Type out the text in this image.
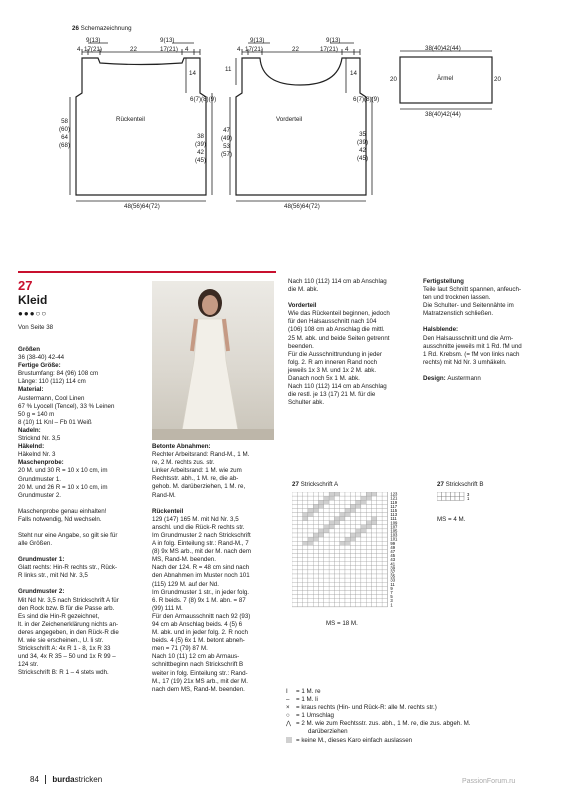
26 Schemazeichnung
9(13)	9(13)
4 17(21)	22	17(21) 4
14
6(7)(8)(9)
58
(60)
64
(68)
38
(39)
42
(45)
Rückenteil
48(56)64(72)
9(13)	9(13)
4 17(21)	22	17(21) 4
11
14
6(7)(8)(9)
47
(49)
53
(57)
35
(39)
42
(45)
Vorderteil
48(56)64(72)
38(40)42(44)
20	20
Ärmel
38(40)42(44)
27
Kleid
●●●○○
Von Seite 38

Größen

36 (38-40) 42-44

Fertige Größe:

Brustumfang: 84 (96) 108 cm

Länge: 110 (112) 114 cm

Material:

Austermann, Cool Linen

67 % Lyocell (Tencel), 33 % Leinen

50 g = 140 m

8 (10) 11 Knl – Fb 01 Weiß

Nadeln:

Stricknd Nr. 3,5

Häkelnd:

Häkelnd Nr. 3

Maschenprobe:

20 M. und 30 R = 10 x 10 cm, im

Grundmuster 1.

20 M. und 26 R = 10 x 10 cm, im

Grundmuster 2.

Maschenprobe genau einhalten!

Falls notwendig, Nd wechseln.

Steht nur eine Angabe, so gilt sie für

alle Größen.

Grundmuster 1:

Glatt rechts: Hin-R rechts str., Rück-

R links str., mit Nd Nr. 3,5

Grundmuster 2:

Mit Nd Nr. 3,5 nach Strickschrift A für

den Rock bzw. B für die Passe arb.

Es sind die Hin-R gezeichnet,

lt. in der Zeichenerklärung nichts an-

deres angegeben, in den Rück-R die

M. wie sie erscheinen., U. li str.

Strickschrift A: 4x R 1 - 8, 1x R 33

und 34, 4x R 35 – 50 und 1x R 99 –

124 str.

Strickschrift B: R 1 – 4 stets wdh.

Betonte Abnahmen:

Rechter Arbeitsrand: Rand-M., 1 M.

re, 2 M. rechts zus. str.

Linker Arbeitsrand: 1 M. wie zum

Rechtsstr. abh., 1 M. re, die ab-

gehob. M. darüberziehen, 1 M. re,

Rand-M.

Rückenteil

129 (147) 165 M. mit Nd Nr. 3,5

anschl. und die Rück-R rechts str.

Im Grundmuster 2 nach Strickschrift

A in folg. Einteilung str.: Rand-M., 7

(8) 9x MS arb., mit der M. nach dem

MS, Rand-M. beenden.

Nach der 124. R = 48 cm sind nach

den Abnahmen im Muster noch 101

(115) 129 M. auf der Nd.

Im Grundmuster 1 str., in jeder folg.

6. R beids. 7 (8) 9x 1 M. abn. = 87

(99) 111 M.

Für den Armausschnitt nach 92 (93)

94 cm ab Anschlag beids. 4 (5) 6

M. abk. und in jeder folg. 2. R noch

beids. 4 (5) 6x 1 M. betont abneh-

men = 71 (79) 87 M.

Nach 10 (11) 12 cm ab Armaus-

schnittbeginn nach Strickschrift B

weiter in folg. Einteilung str.: Rand-

M., 17 (19) 21x MS arb., mit der M.

nach dem MS, Rand-M. beenden.

Nach 110 (112) 114 cm ab Anschlag

die M. abk.

Vorderteil

Wie das Rückenteil beginnen, jedoch

für den Halsausschnitt nach 104

(106) 108 cm ab Anschlag die mittl.

25 M. abk. und beide Seiten getrennt

beenden.

Für die Ausschnittrundung in jeder

folg. 2. R am inneren Rand noch

jeweils 1x 3 M. und 1x 2 M. abk.

Danach noch 5x 1 M. abk.

Nach 110 (112) 114 cm ab Anschlag

die restl. je 13 (17) 21 M. für die

Schulter abk.

Fertigstellung

Teile laut Schnitt spannen, anfeuch-

ten und trocknen lassen.

Die Schulter- und Seitennähte im

Matratzenstich schließen.

Halsblende:

Den Halsausschnitt und die Arm-

ausschnitte jeweils mit 1 Rd. fM und

1 Rd. Krebsm. (= fM von links nach

rechts) mit Nd Nr. 3 umhäkeln.

Design: Austermann

27 Strickschrift A
123
121
119
117
115
113
111
109
107
105
103
101
99
49
47
45
43
41
39
37
35
33
11
9
7
5
3
1
MS = 18 M.
27 Strickschrift B
3
1
MS = 4 M.
I	= 1 M. re
–	= 1 M. li
×	= kraus rechts (Hin- und Rück-R: alle M. rechts str.)
○	= 1 Umschlag
⋀ = 2 M. wie zum Rechtsstr. zus. abh., 1 M. re, die zus. abgeh. M.
darüberziehen
= keine M., dieses Karo einfach auslassen
84 burdastricken	PassionForum.ru
